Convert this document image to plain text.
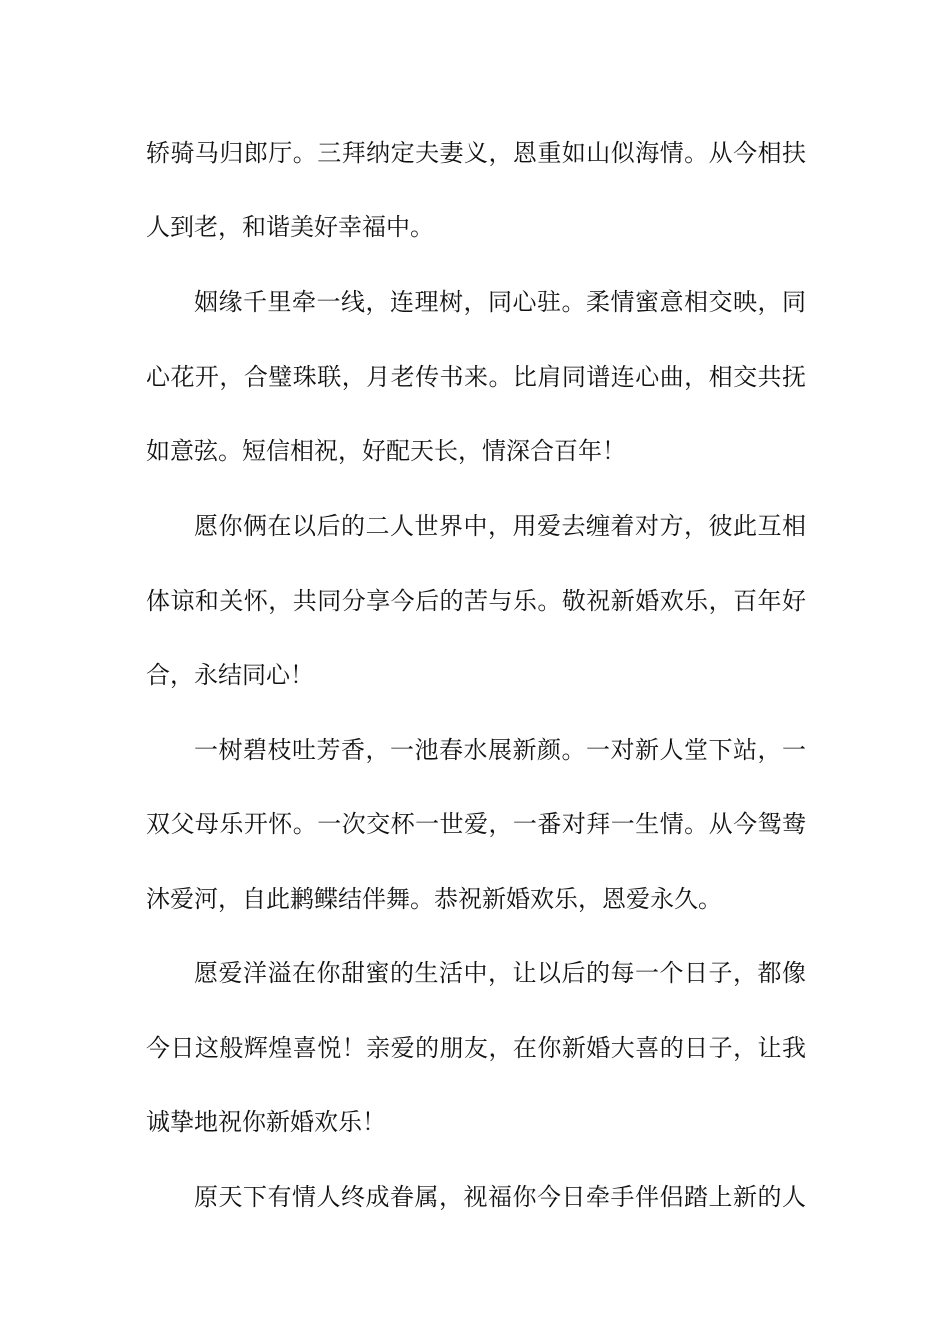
轿骑马归郎厅。三拜纳定夫妻义，恩重如山似海情。从今相扶
人到老，和谐美好幸福中。
姻缘千里牵一线，连理树，同心驻。柔情蜜意相交映，同
心花开，合璧珠联，月老传书来。比肩同谱连心曲，相交共抚
如意弦。短信相祝，好配天长，情深合百年！
愿你俩在以后的二人世界中，用爱去缠着对方，彼此互相
体谅和关怀，共同分享今后的苦与乐。敬祝新婚欢乐，百年好
合，永结同心！
一树碧枝吐芳香，一池春水展新颜。一对新人堂下站，一
双父母乐开怀。一次交杯一世爱，一番对拜一生情。从今鸳鸯
沐爱河，自此鹣鲽结伴舞。恭祝新婚欢乐，恩爱永久。
愿爱洋溢在你甜蜜的生活中，让以后的每一个日子，都像
今日这般辉煌喜悦！亲爱的朋友，在你新婚大喜的日子，让我
诚挚地祝你新婚欢乐！
原天下有情人终成眷属，视福你今日牵手伴侣踏上新的人
